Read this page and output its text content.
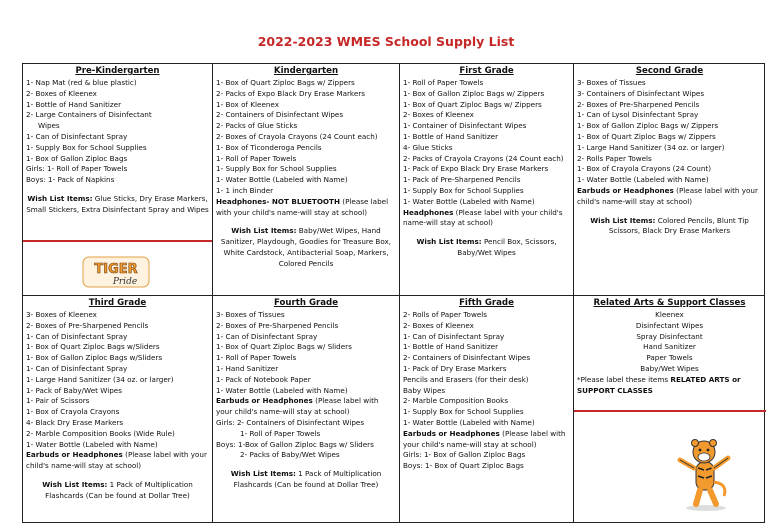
2022-2023 WMES School Supply List
Pre-Kindergarten
1- Nap Mat (red & blue plastic)
2- Boxes of Kleenex
1- Bottle of Hand Sanitizer
2- Large Containers of Disinfectant
Wipes
1- Can of Disinfectant Spray
1- Supply Box for School Supplies
1- Box of Gallon Ziploc Bags
Girls: 1- Roll of Paper Towels
Boys: 1- Pack of Napkins
Wish List Items: Glue Sticks, Dry Erase Markers, Small Stickers, Extra Disinfectant Spray and Wipes
TIGER
Pride
Kindergarten
1- Box of Quart Ziploc Bags w/ Zippers
2- Packs of Expo Black Dry Erase Markers
1- Box of Kleenex
2- Containers of Disinfectant Wipes
2- Packs of Glue Sticks
2- Boxes of Crayola Crayons (24 Count each)
1- Box of Ticonderoga Pencils
1- Roll of Paper Towels
1- Supply Box for School Supplies
1- Water Bottle (Labeled with Name)
1- 1 inch Binder
Headphones- NOT BLUETOOTH (Please label with your child's name-will stay at school)
Wish List Items: Baby/Wet Wipes, Hand Sanitizer, Playdough, Goodies for Treasure Box, White Cardstock, Antibacterial Soap, Markers, Colored Pencils
First Grade
1- Roll of Paper Towels
1- Box of Gallon Ziploc Bags w/ Zippers
1- Box of Quart Ziploc Bags w/ Zippers
2- Boxes of Kleenex
1- Container of Disinfectant Wipes
1- Bottle of Hand Sanitizer
4- Glue Sticks
2- Packs of Crayola Crayons (24 Count each)
1- Pack of Expo Black Dry Erase Markers
1- Pack of Pre-Sharpened Pencils
1- Supply Box for School Supplies
1- Water Bottle (Labeled with Name)
Headphones (Please label with your child's name-will stay at school)
Wish List Items: Pencil Box, Scissors, Baby/Wet Wipes
Second Grade
3- Boxes of Tissues
3- Containers of Disinfectant Wipes
2- Boxes of Pre-Sharpened Pencils
1- Can of Lysol Disinfectant Spray
1- Box of Gallon Ziploc Bags w/ Zippers
1- Box of Quart Ziploc Bags w/ Zippers
1- Large Hand Sanitizer (34 oz. or larger)
2- Rolls Paper Towels
1- Box of Crayola Crayons (24 Count)
1- Water Bottle (Labeled with Name)
Earbuds or Headphones (Please label with your child's name-will stay at school)
Wish List Items: Colored Pencils, Blunt Tip Scissors, Black Dry Erase Markers
Third Grade
3- Boxes of Kleenex
2- Boxes of Pre-Sharpened Pencils
1- Can of Disinfectant Spray
1- Box of Quart Ziploc Bags w/Sliders
1- Box of Gallon Ziploc Bags w/Sliders
1- Can of Disinfectant Spray
1- Large Hand Sanitizer (34 oz. or larger)
1- Pack of Baby/Wet Wipes
1- Pair of Scissors
1- Box of Crayola Crayons
4- Black Dry Erase Markers
2- Marble Composition Books (Wide Rule)
1- Water Bottle (Labeled with Name)
Earbuds or Headphones (Please label with your child's name-will stay at school)
Wish List Items: 1 Pack of Multiplication Flashcards (Can be found at Dollar Tree)
Fourth Grade
3- Boxes of Tissues
2- Boxes of Pre-Sharpened Pencils
1- Can of Disinfectant Spray
1- Box of Quart Ziploc Bags w/ Sliders
1- Roll of Paper Towels
1- Hand Sanitizer
1- Pack of Notebook Paper
1- Water Bottle (Labeled with Name)
Earbuds or Headphones (Please label with your child's name-will stay at school)
Girls: 2- Containers of Disinfectant Wipes
1- Roll of Paper Towels
Boys: 1-Box of Gallon Ziploc Bags w/ Sliders
2- Packs of Baby/Wet Wipes
Wish List Items: 1 Pack of Multiplication Flashcards (Can be found at Dollar Tree)
Fifth Grade
2- Rolls of Paper Towels
2- Boxes of Kleenex
1- Can of Disinfectant Spray
1- Bottle of Hand Sanitizer
2- Containers of Disinfectant Wipes
1- Pack of Dry Erase Markers
Pencils and Erasers (for their desk)
Baby Wipes
2- Marble Composition Books
1- Supply Box for School Supplies
1- Water Bottle (Labeled with Name)
Earbuds or Headphones (Please label with your child's name-will stay at school)
Girls: 1- Box of Gallon Ziploc Bags
Boys: 1- Box of Quart Ziploc Bags
Related Arts & Support Classes
Kleenex
Disinfectant Wipes
Spray Disinfectant
Hand Sanitizer
Paper Towels
Baby/Wet Wipes
*Please label these items RELATED ARTS or SUPPORT CLASSES
